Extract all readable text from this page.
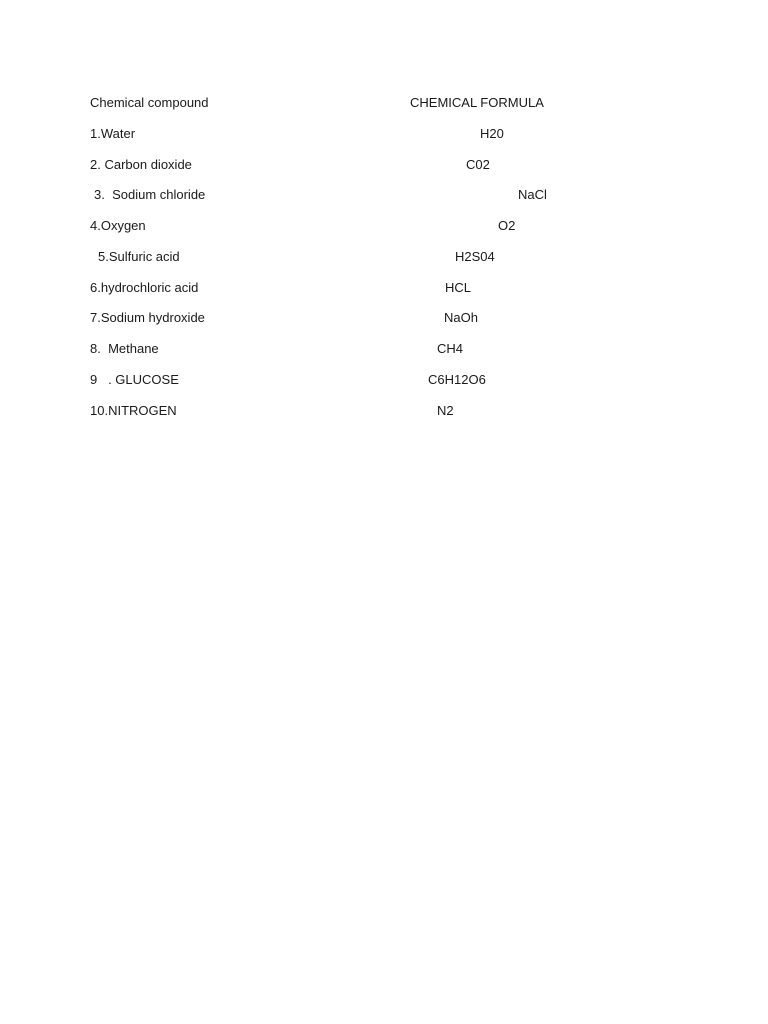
Chemical compound	CHEMICAL FORMULA
1.Water	H20
2. Carbon dioxide	C02
3.  Sodium chloride	NaCl
4.Oxygen	O2
5.Sulfuric acid	H2S04
6.hydrochloric acid	HCL
7.Sodium hydroxide	NaOh
8.  Methane	CH4
9   . GLUCOSE	C6H12O6
10.NITROGEN	N2
